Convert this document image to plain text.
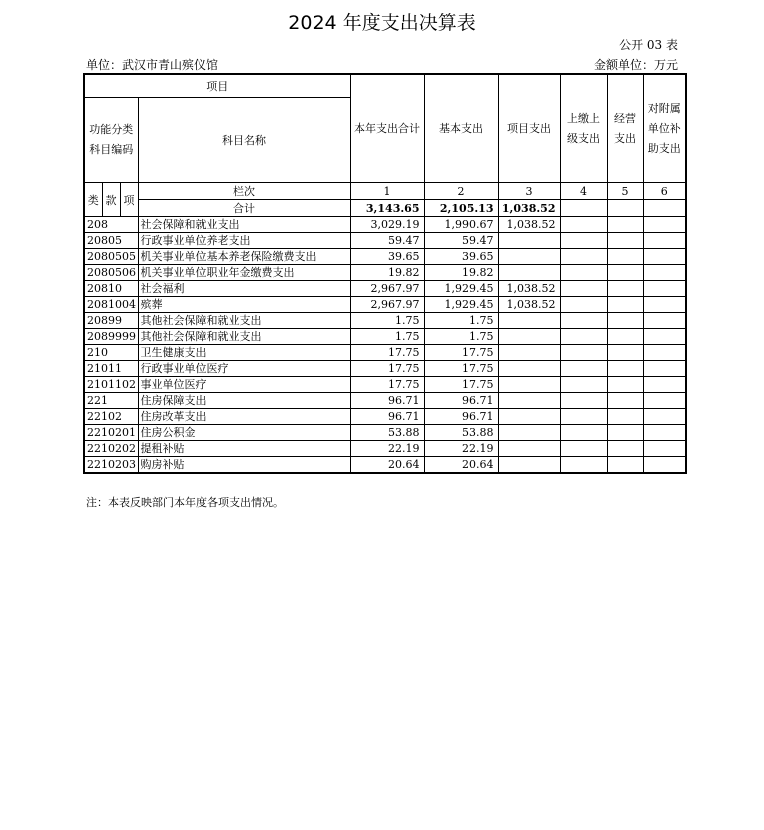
2024 年度支出决算表
公开 03 表
单位：武汉市青山殡仪馆	金额单位：万元
项目				本年支出合计	基本支出	项目支出	上缴上级支出	经营支出	对附属单位补助支出
功能分类科目编码			科目名称						
类	款	项	栏次	1	2	3	4	5	6
			合计	3,143.65	2,105.13	1,038.52			
208			社会保障和就业支出	3,029.19	1,990.67	1,038.52			
20805			行政事业单位养老支出	59.47	59.47				
2080505			机关事业单位基本养老保险缴费支出	39.65	39.65				
2080506			机关事业单位职业年金缴费支出	19.82	19.82				
20810			社会福利	2,967.97	1,929.45	1,038.52			
2081004			殡葬	2,967.97	1,929.45	1,038.52			
20899			其他社会保障和就业支出	1.75	1.75				
2089999			其他社会保障和就业支出	1.75	1.75				
210			卫生健康支出	17.75	17.75				
21011			行政事业单位医疗	17.75	17.75				
2101102			事业单位医疗	17.75	17.75				
221			住房保障支出	96.71	96.71				
22102			住房改革支出	96.71	96.71				
2210201			住房公积金	53.88	53.88				
2210202			提租补贴	22.19	22.19				
2210203			购房补贴	20.64	20.64				
注：本表反映部门本年度各项支出情况。
